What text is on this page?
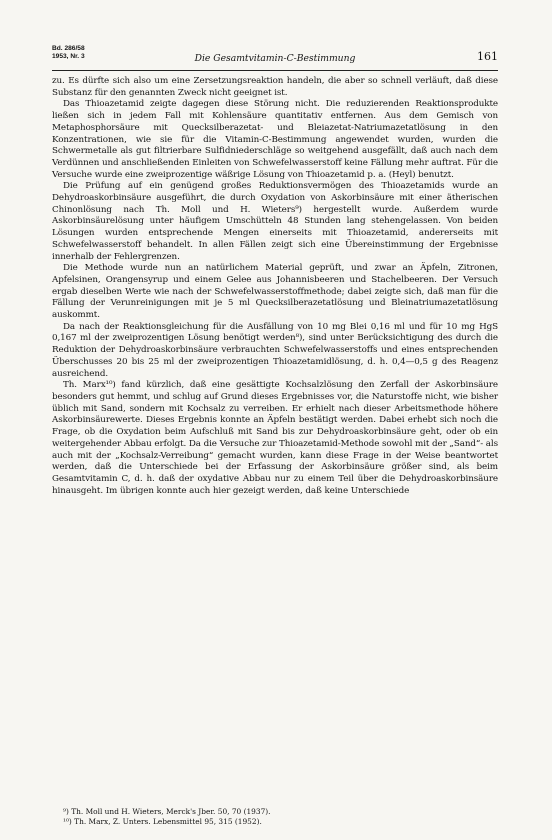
Bd. 286/58
1953, Nr. 3	Die Gesamtvitamin-C-Bestimmung	161

zu. Es dürfte sich also um eine Zersetzungsreaktion handeln, die aber so schnell verläuft, daß diese Substanz für den genannten Zweck nicht geeignet ist.

Das Thioazetamid zeigte dagegen diese Störung nicht. Die reduzierenden Reaktionsprodukte ließen sich in jedem Fall mit Kohlensäure quantitativ entfernen. Aus dem Gemisch von Metaphosphorsäure mit Quecksilberazetat- und Bleiazetat-Natriumazetatlösung in den Konzentrationen, wie sie für die Vitamin-C-Bestimmung angewendet wurden, wurden die Schwermetalle als gut filtrierbare Sulfidniederschläge so weitgehend ausgefällt, daß auch nach dem Verdünnen und anschließenden Einleiten von Schwefelwasserstoff keine Fällung mehr auftrat. Für die Versuche wurde eine zweiprozentige wäßrige Lösung von Thioazetamid p. a. (Heyl) benutzt.

Die Prüfung auf ein genügend großes Reduktionsvermögen des Thioazetamids wurde an Dehydroaskorbinsäure ausgeführt, die durch Oxydation von Askorbinsäure mit einer ätherischen Chinonlösung nach Th. Moll und H. Wieters⁹) hergestellt wurde. Außerdem wurde Askorbinsäurelösung unter häufigem Umschütteln 48 Stunden lang stehengelassen. Von beiden Lösungen wurden entsprechende Mengen einerseits mit Thioazetamid, andererseits mit Schwefelwasserstoff behandelt. In allen Fällen zeigt sich eine Übereinstimmung der Ergebnisse innerhalb der Fehlergrenzen.

Die Methode wurde nun an natürlichem Material geprüft, und zwar an Äpfeln, Zitronen, Apfelsinen, Orangensyrup und einem Gelee aus Johannisbeeren und Stachelbeeren. Der Versuch ergab dieselben Werte wie nach der Schwefelwasserstoffmethode; dabei zeigte sich, daß man für die Fällung der Verunreinigungen mit je 5 ml Quecksilberazetatlösung und Bleinatriumazetatlösung auskommt.

Da nach der Reaktionsgleichung für die Ausfällung von 10 mg Blei 0,16 ml und für 10 mg HgS 0,167 ml der zweiprozentigen Lösung benötigt werden⁸), sind unter Berücksichtigung des durch die Reduktion der Dehydroaskorbinsäure verbrauchten Schwefelwasserstoffs und eines entsprechenden Überschusses 20 bis 25 ml der zweiprozentigen Thioazetamidlösung, d. h. 0,4—0,5 g des Reagenz ausreichend.

Th. Marx¹⁰) fand kürzlich, daß eine gesättigte Kochsalzlösung den Zerfall der Askorbinsäure besonders gut hemmt, und schlug auf Grund dieses Ergebnisses vor, die Naturstoffe nicht, wie bisher üblich mit Sand, sondern mit Kochsalz zu verreiben. Er erhielt nach dieser Arbeitsmethode höhere Askorbinsäurewerte. Dieses Ergebnis konnte an Äpfeln bestätigt werden. Dabei erhebt sich noch die Frage, ob die Oxydation beim Aufschluß mit Sand bis zur Dehydroaskorbinsäure geht, oder ob ein weitergehender Abbau erfolgt. Da die Versuche zur Thioazetamid-Methode sowohl mit der „Sand“- als auch mit der „Kochsalz-Verreibung“ gemacht wurden, kann diese Frage in der Weise beantwortet werden, daß die Unterschiede bei der Erfassung der Askorbinsäure größer sind, als beim Gesamtvitamin C, d. h. daß der oxydative Abbau nur zu einem Teil über die Dehydroaskorbinsäure hinausgeht. Im übrigen konnte auch hier gezeigt werden, daß keine Unterschiede

⁹) Th. Moll und H. Wieters, Merck's Jber. 50, 70 (1937).

¹⁰) Th. Marx, Z. Unters. Lebensmittel 95, 315 (1952).
